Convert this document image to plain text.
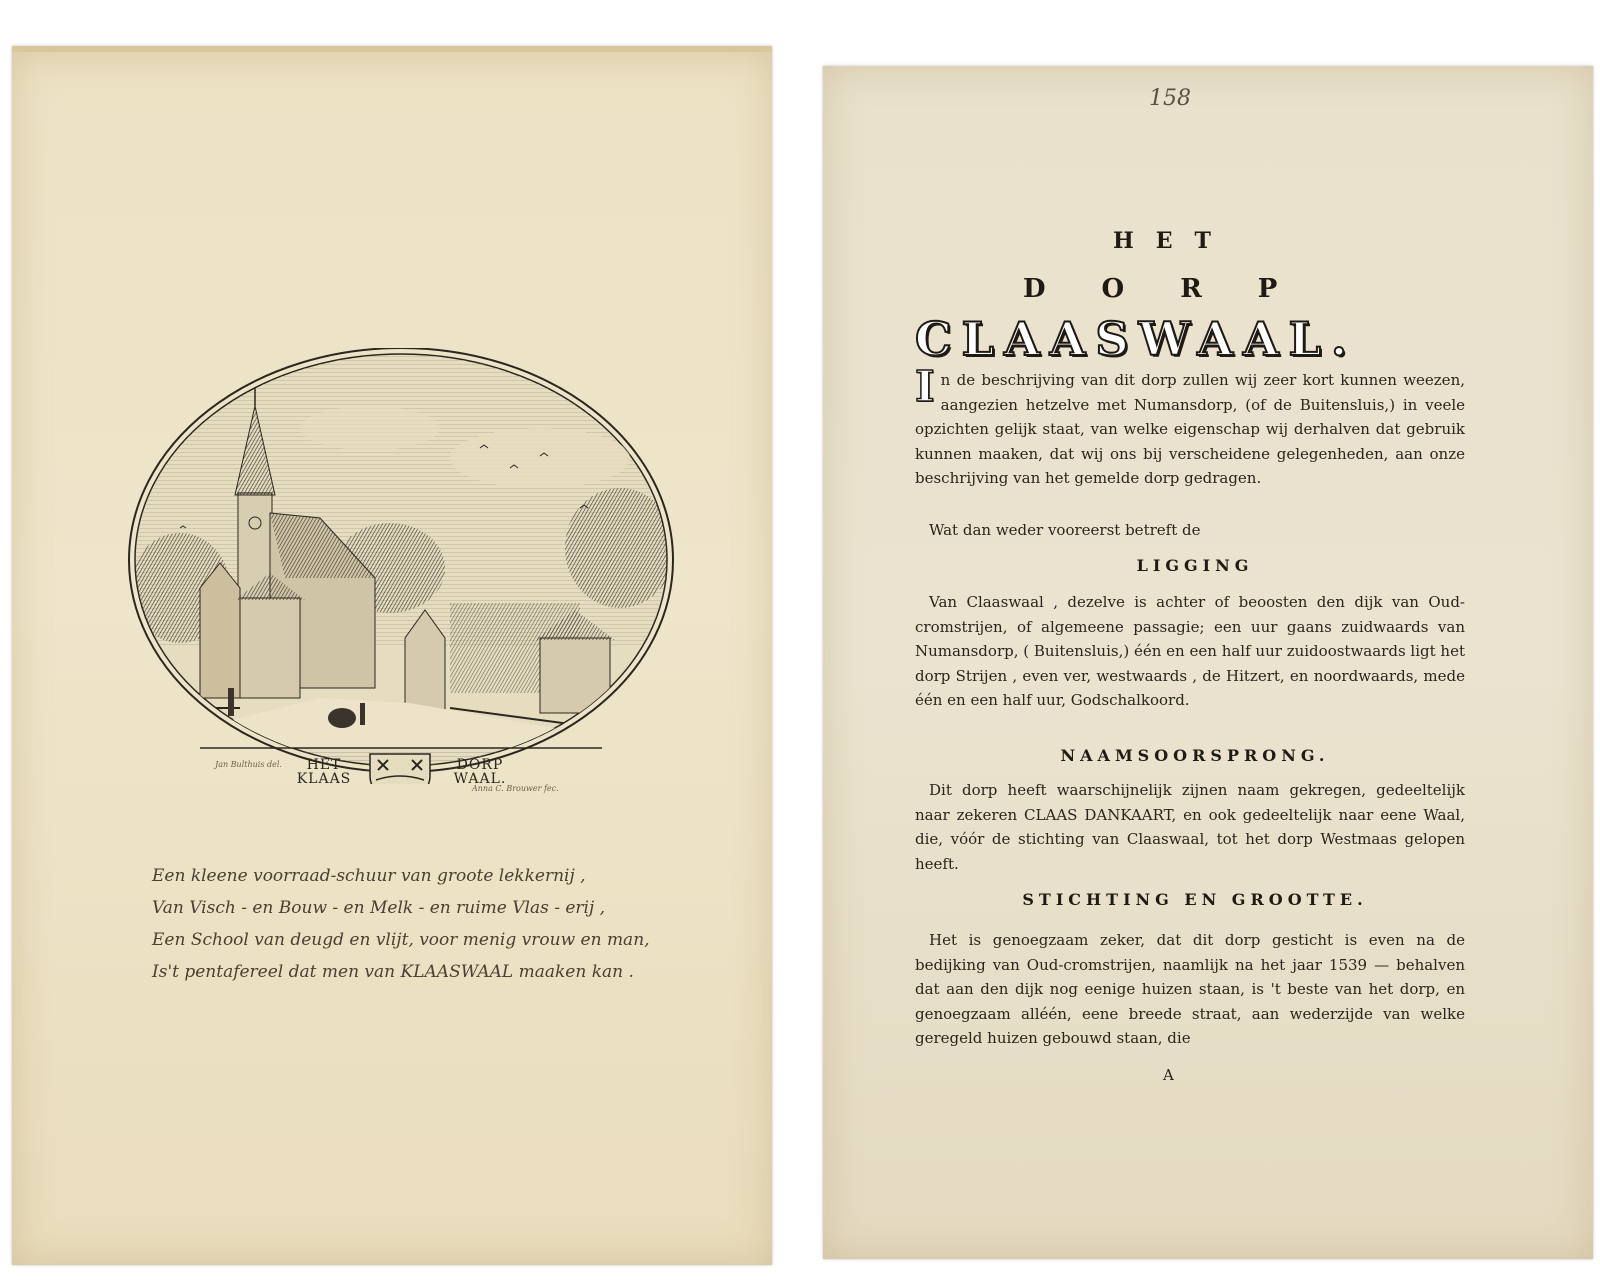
HET KLAAS
DORP WAAL.
Jan Bulthuis del.
Anna C. Brouwer fec.
Een kleene voorraad-schuur van groote lekkernij ,
Van Visch - en Bouw - en Melk - en ruime Vlas - erij ,
Een School van deugd en vlijt, voor menig vrouw en man,
Is't pentafereel dat men van KLAASWAAL maaken kan .
158
HET
DORP
CLAASWAAL.
I n de beschrijving van dit dorp zullen wij zeer kort kunnen weezen, aangezien hetzelve met Numansdorp, (of de Buitensluis,) in veele opzichten gelijk staat, van welke eigenschap wij derhalven dat gebruik kunnen maaken, dat wij ons bij verscheidene gelegenheden, aan onze beschrijving van het gemelde dorp gedragen.
Wat dan weder vooreerst betreft de
LIGGING
Van Claaswaal , dezelve is achter of beoosten den dijk van Oud-cromstrijen, of algemeene passagie; een uur gaans zuidwaards van Numansdorp, ( Buitensluis,) één en een half uur zuidoostwaards ligt het dorp Strijen , even ver, westwaards , de Hitzert, en noordwaards, mede één en een half uur, Godschalkoord.
NAAMSOORSPRONG.
Dit dorp heeft waarschijnelijk zijnen naam gekregen, gedeeltelijk naar zekeren CLAAS DANKAART, en ook gedeeltelijk naar eene Waal, die, vóór de stichting van Claaswaal, tot het dorp Westmaas gelopen heeft.
STICHTING EN GROOTTE.
Het is genoegzaam zeker, dat dit dorp gesticht is even na de bedijking van Oud-cromstrijen, naamlijk na het jaar 1539 — behalven dat aan den dijk nog eenige huizen staan, is 't beste van het dorp, en genoegzaam alléén, eene breede straat, aan wederzijde van welke geregeld huizen gebouwd staan, die
A
